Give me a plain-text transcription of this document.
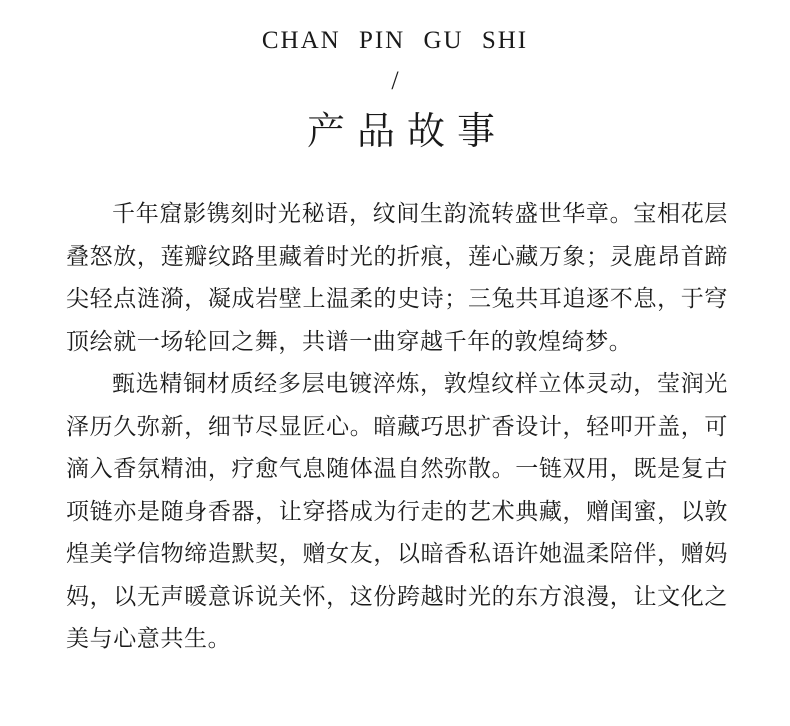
CHAN PIN GU SHI
/
产品故事

千年窟影镌刻时光秘语，纹间生韵流转盛世华章。宝相花层叠怒放，莲瓣纹路里藏着时光的折痕，莲心藏万象；灵鹿昂首蹄尖轻点涟漪，凝成岩壁上温柔的史诗；三兔共耳追逐不息，于穹顶绘就一场轮回之舞，共谱一曲穿越千年的敦煌绮梦。

甄选精铜材质经多层电镀淬炼，敦煌纹样立体灵动，莹润光泽历久弥新，细节尽显匠心。暗藏巧思扩香设计，轻叩开盖，可滴入香氛精油，疗愈气息随体温自然弥散。一链双用，既是复古项链亦是随身香器，让穿搭成为行走的艺术典藏，赠闺蜜，以敦煌美学信物缔造默契，赠女友，以暗香私语许她温柔陪伴，赠妈妈，以无声暖意诉说关怀，这份跨越时光的东方浪漫，让文化之美与心意共生。
